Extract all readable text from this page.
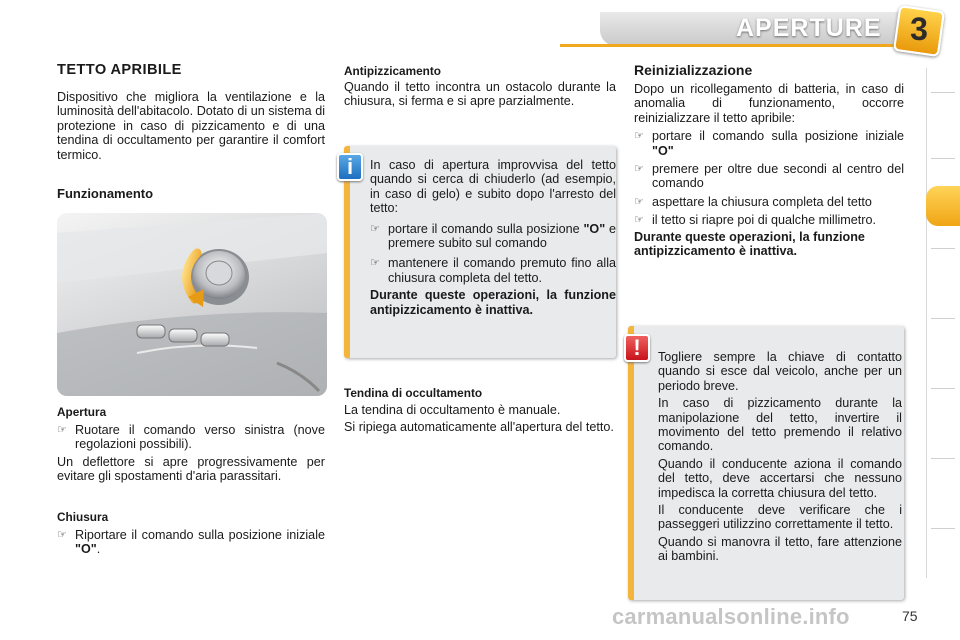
APERTURE 3
TETTO APRIBILE
Dispositivo che migliora la ventilazione e la luminosità dell'abitacolo. Dotato di un sistema di protezione in caso di pizzicamento e di una tendina di occultamento per garantire il comfort termico.
Funzionamento
Apertura
☞ Ruotare il comando verso sinistra (nove regolazioni possibili).

Un deflettore si apre progressivamente per evitare gli spostamenti d'aria parassitari.

Chiusura
☞ Riportare il comando sulla posizione iniziale "O".
Antipizzicamento
Quando il tetto incontra un ostacolo durante la chiusura, si ferma e si apre parzialmente.

In caso di apertura improvvisa del tetto quando si cerca di chiuderlo (ad esempio, in caso di gelo) e subito dopo l'arresto del tetto:

☞ portare il comando sulla posizione "O" e premere subito sul comando
☞ mantenere il comando premuto fino alla chiusura completa del tetto.

Durante queste operazioni, la funzione antipizzicamento è inattiva.

i
Tendina di occultamento

La tendina di occultamento è manuale.

Si ripiega automaticamente all'apertura del tetto.

Reinizializzazione

Dopo un ricollegamento di batteria, in caso di anomalia di funzionamento, occorre reinizializzare il tetto apribile:

☞ portare il comando sulla posizione iniziale "O"
☞ premere per oltre due secondi al centro del comando
☞ aspettare la chiusura completa del tetto
☞ il tetto si riapre poi di qualche millimetro.

Durante queste operazioni, la funzione antipizzicamento è inattiva.

Togliere sempre la chiave di contatto quando si esce dal veicolo, anche per un periodo breve.

In caso di pizzicamento durante la manipolazione del tetto, invertire il movimento del tetto premendo il relativo comando.

Quando il conducente aziona il comando del tetto, deve accertarsi che nessuno impedisca la corretta chiusura del tetto.

Il conducente deve verificare che i passeggeri utilizzino correttamente il tetto.

Quando si manovra il tetto, fare attenzione ai bambini.

!
carmanualsonline.info	75
